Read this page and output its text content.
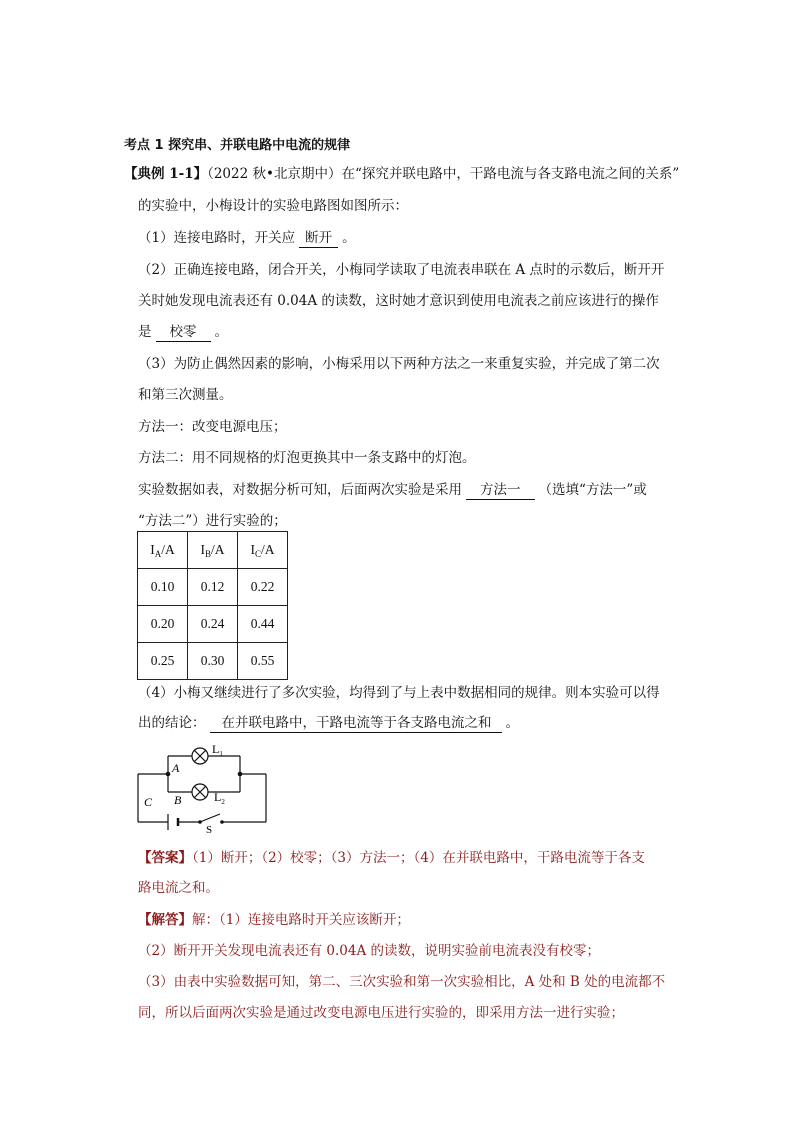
考点 1 探究串、并联电路中电流的规律
【典例 1-1】（2022 秋•北京期中）在“探究并联电路中，干路电流与各支路电流之间的关系”
的实验中，小梅设计的实验电路图如图所示：
（1）连接电路时，开关应 断开 。
（2）正确连接电路，闭合开关，小梅同学读取了电流表串联在 A 点时的示数后，断开开
关时她发现电流表还有 0.04A 的读数，这时她才意识到使用电流表之前应该进行的操作
是 校零 。
（3）为防止偶然因素的影响，小梅采用以下两种方法之一来重复实验，并完成了第二次
和第三次测量。
方法一：改变电源电压；
方法二：用不同规格的灯泡更换其中一条支路中的灯泡。
实验数据如表，对数据分析可知，后面两次实验是采用 方法一 （选填“方法一”或
“方法二”）进行实验的；
$I_A/A$	$I_B/A$	$I_C/A$
0.10	0.12	0.22
0.20	0.24	0.44
0.25	0.30	0.55
（4）小梅又继续进行了多次实验，均得到了与上表中数据相同的规律。则本实验可以得
出的结论： 在并联电路中，干路电流等于各支路电流之和 。
$L_1$
$L_2$
A
B
C
S
【答案】（1）断开；（2）校零；（3）方法一；（4）在并联电路中，干路电流等于各支
路电流之和。
【解答】解：（1）连接电路时开关应该断开；
（2）断开开关发现电流表还有 0.04A 的读数，说明实验前电流表没有校零；
（3）由表中实验数据可知，第二、三次实验和第一次实验相比，A 处和 B 处的电流都不
同，所以后面两次实验是通过改变电源电压进行实验的，即采用方法一进行实验；
